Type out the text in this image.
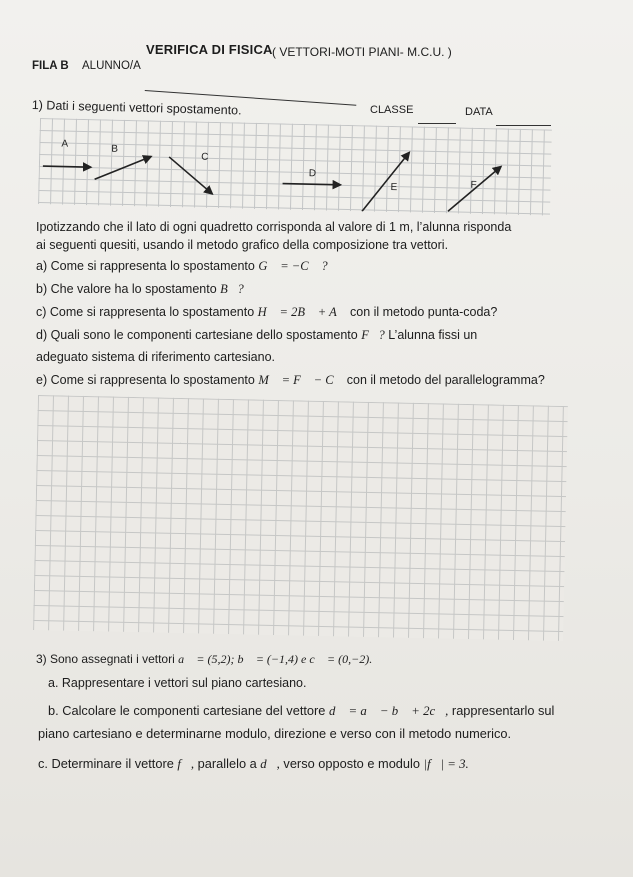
VERIFICA DI FISICA ( VETTORI-MOTI PIANI- M.C.U. )
FILA B ALUNNO/A
CLASSE	DATA
1) Dati i seguenti vettori spostamento.
A	B
C
D
E	F
Ipotizzando che il lato di ogni quadretto corrisponda al valore di 1 m, l’alunna risponda
ai seguenti quesiti, usando il metodo grafico della composizione tra vettori.
a) Come si rappresenta lo spostamento G⃗ = −C⃗ ?
b) Che valore ha lo spostamento B⃗?
c) Come si rappresenta lo spostamento H⃗ = 2B⃗ + A⃗ con il metodo punta-coda?
d) Quali sono le componenti cartesiane dello spostamento F⃗? L’alunna fissi un
adeguato sistema di riferimento cartesiano.
e) Come si rappresenta lo spostamento M⃗ = F⃗ − C⃗ con il metodo del parallelogramma?
3) Sono assegnati i vettori a⃗ = (5,2); b⃗ = (−1,4) e c⃗ = (0,−2).
a. Rappresentare i vettori sul piano cartesiano.
b. Calcolare le componenti cartesiane del vettore d⃗ = a⃗ − b⃗ + 2c⃗, rappresentarlo sul
piano cartesiano e determinarne modulo, direzione e verso con il metodo numerico.
c. Determinare il vettore f⃗, parallelo a d⃗, verso opposto e modulo |f⃗| = 3.
